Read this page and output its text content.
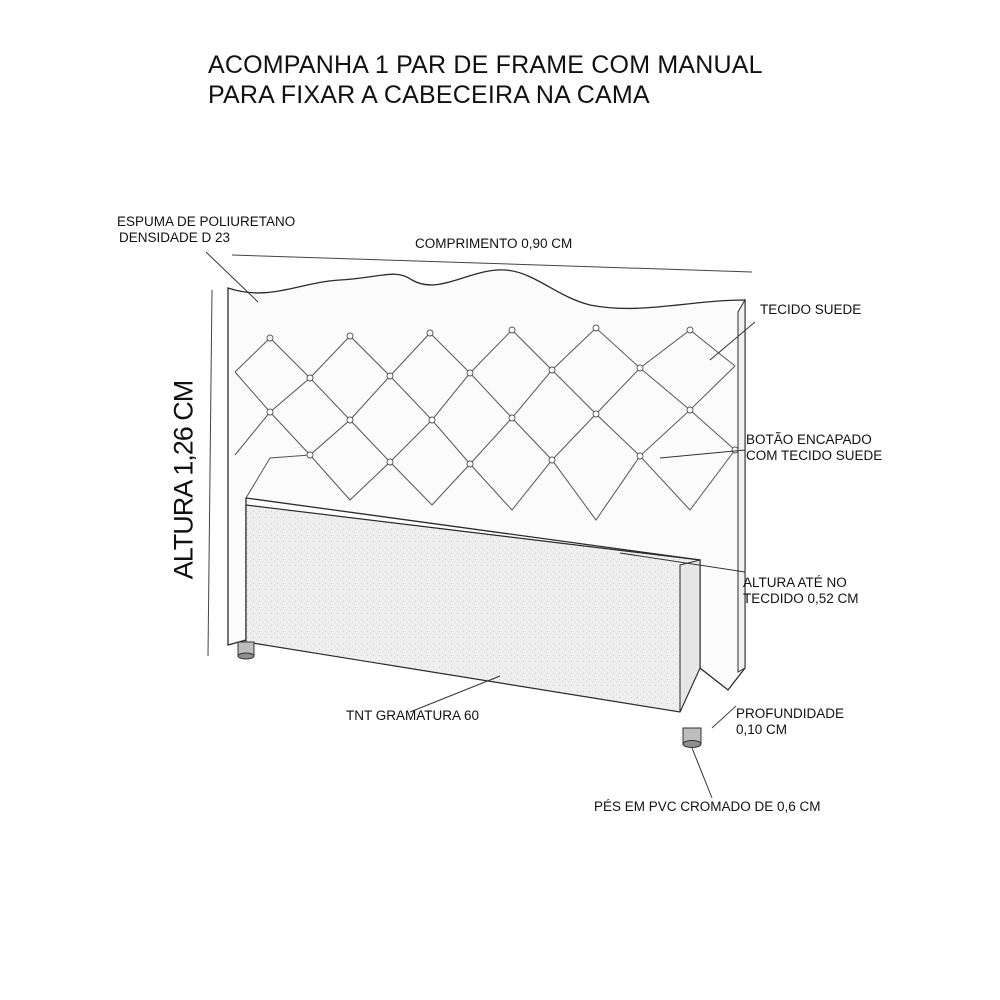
ACOMPANHA 1 PAR DE FRAME COM MANUAL
PARA FIXAR A CABECEIRA NA CAMA
ESPUMA DE POLIURETANO
DENSIDADE D 23	COMPRIMENTO 0,90 CM
TECIDO SUEDE
BOTÃO ENCAPADO
COM TECIDO SUEDE
ALTURA ATÉ NO
TECDIDO 0,52 CM
PROFUNDIDADE
0,10 CM
TNT GRAMATURA 60
PÉS EM PVC CROMADO DE 0,6 CM
ALTURA 1,26 CM
